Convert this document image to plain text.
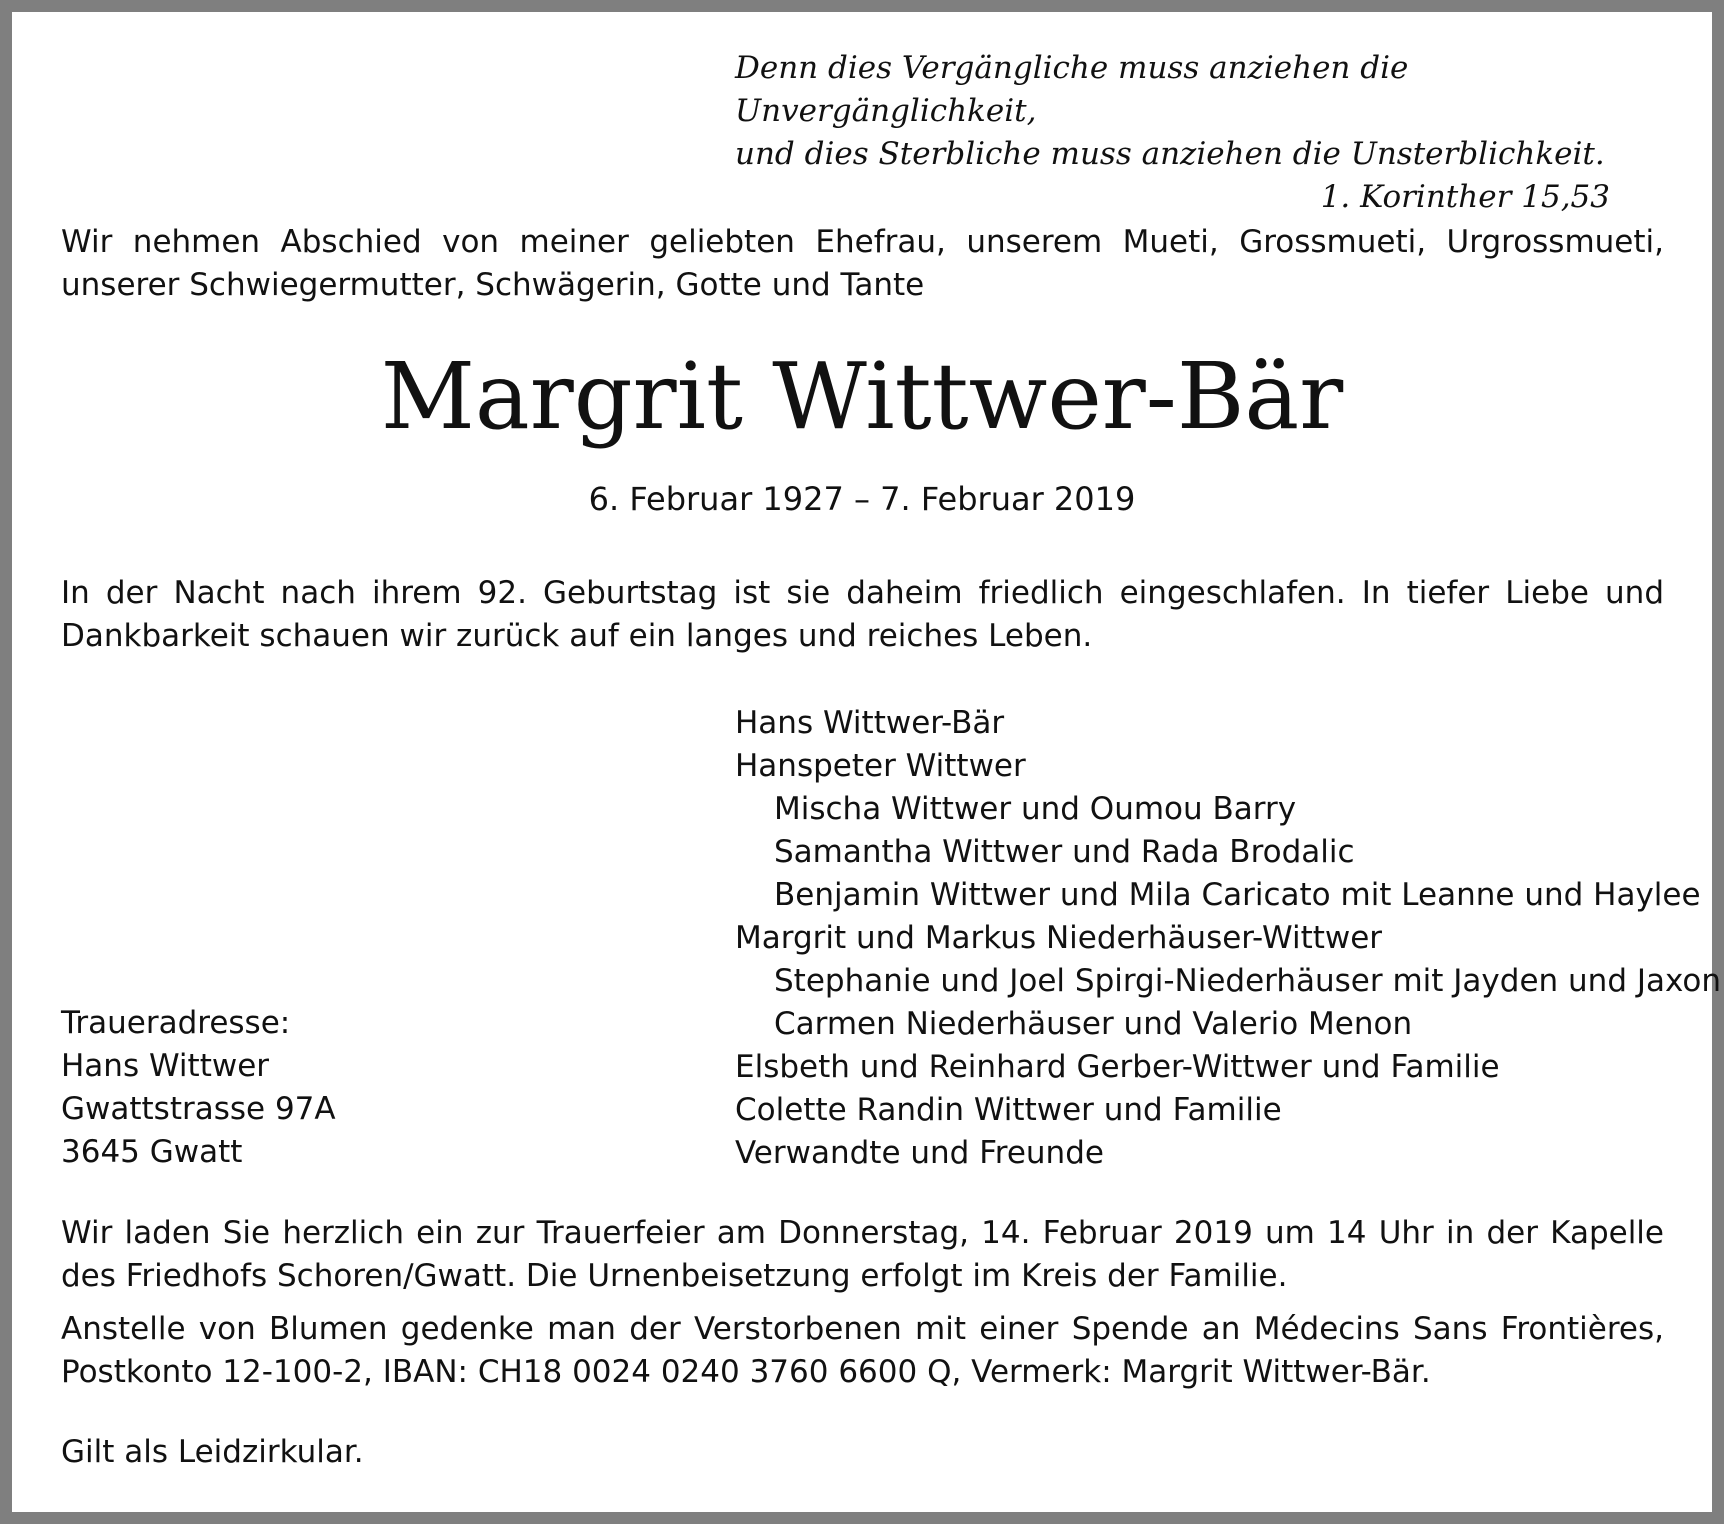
Denn dies Vergängliche muss anziehen die Unvergänglichkeit,
und dies Sterbliche muss anziehen die Unsterblichkeit.
1. Korinther 15,53
Wir nehmen Abschied von meiner geliebten Ehefrau, unserem Mueti, Grossmueti, Urgrossmueti, unserer Schwiegermutter, Schwägerin, Gotte und Tante
Margrit Wittwer-Bär
6. Februar 1927 – 7. Februar 2019
In der Nacht nach ihrem 92. Geburtstag ist sie daheim friedlich eingeschlafen. In tiefer Liebe und Dankbarkeit schauen wir zurück auf ein langes und reiches Leben.
Hans Wittwer-Bär
Hanspeter Wittwer
Mischa Wittwer und Oumou Barry
Samantha Wittwer und Rada Brodalic
Benjamin Wittwer und Mila Caricato mit Leanne und Haylee
Margrit und Markus Niederhäuser-Wittwer
Stephanie und Joel Spirgi-Niederhäuser mit Jayden und Jaxon
Carmen Niederhäuser und Valerio Menon
Elsbeth und Reinhard Gerber-Wittwer und Familie
Colette Randin Wittwer und Familie
Verwandte und Freunde
Traueradresse:
Hans Wittwer
Gwattstrasse 97A
3645 Gwatt
Wir laden Sie herzlich ein zur Trauerfeier am Donnerstag, 14. Februar 2019 um 14 Uhr in der Kapelle des Friedhofs Schoren/Gwatt. Die Urnenbeisetzung erfolgt im Kreis der Familie.
Anstelle von Blumen gedenke man der Verstorbenen mit einer Spende an Médecins Sans Frontières, Postkonto 12-100-2, IBAN: CH18 0024 0240 3760 6600 Q, Vermerk: Margrit Wittwer-Bär.
Gilt als Leidzirkular.
